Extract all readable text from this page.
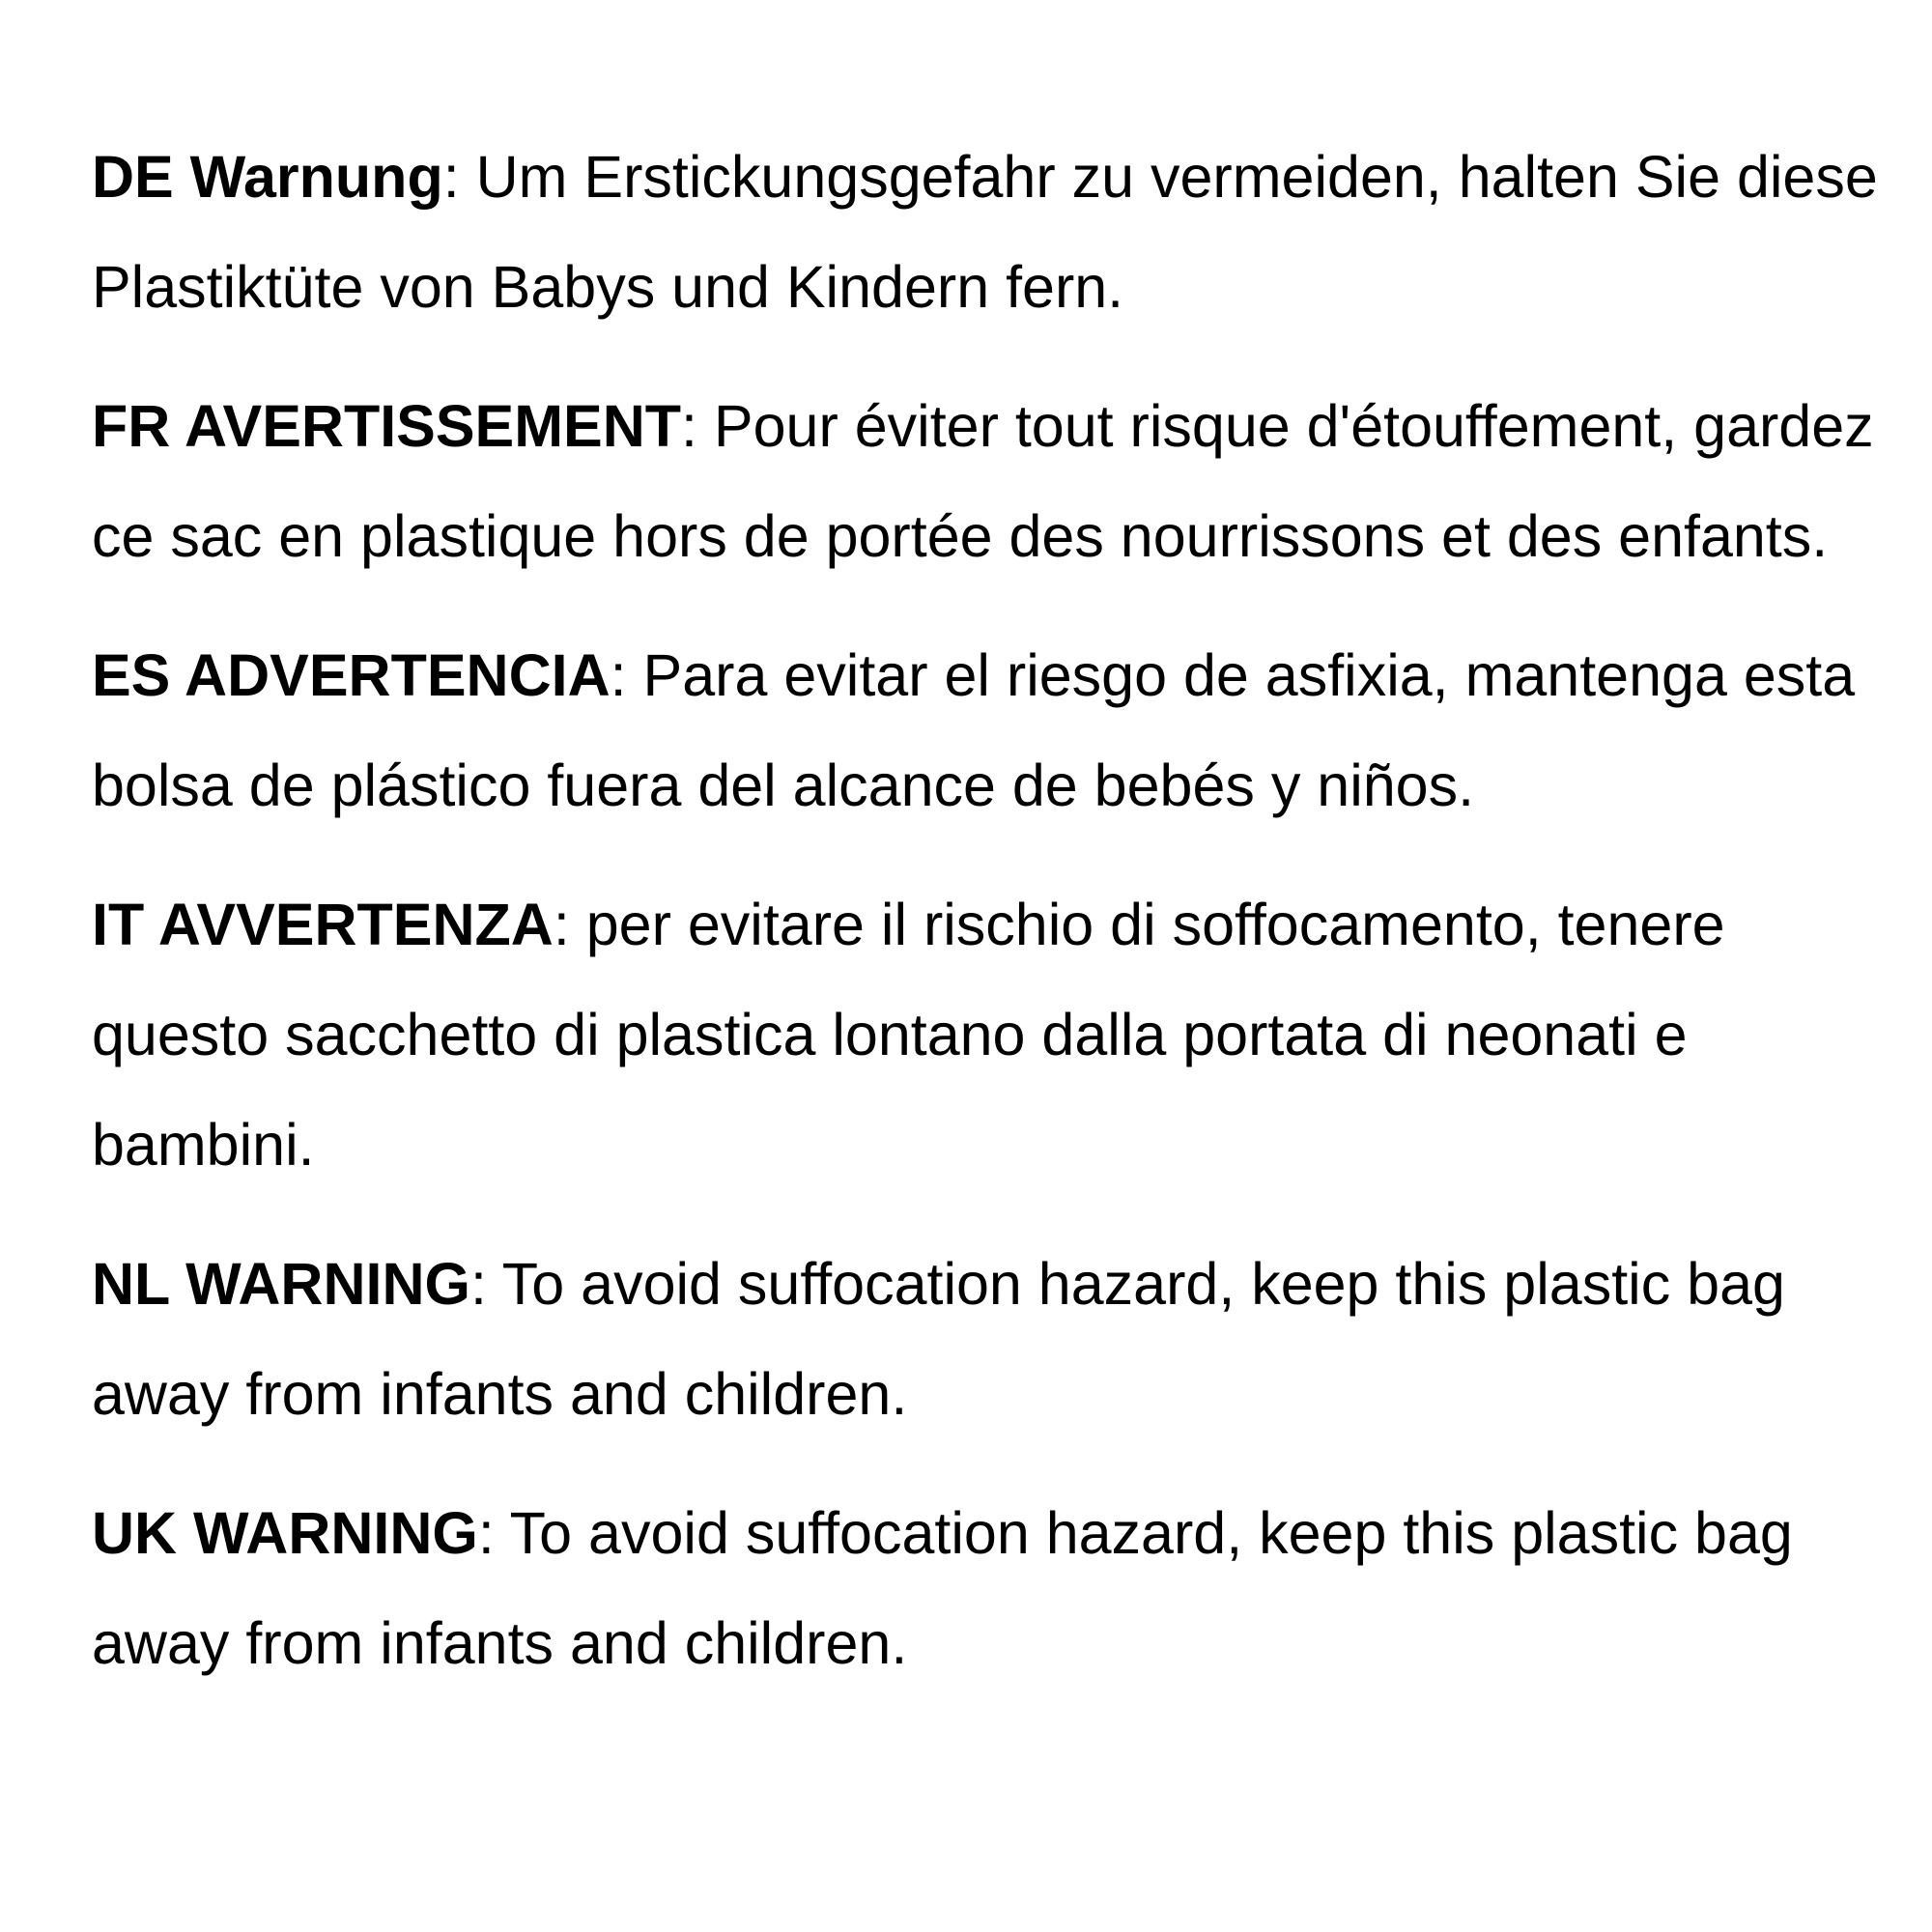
DE Warnung: Um Erstickungsgefahr zu vermeiden, halten Sie diese Plastiktüte von Babys und Kindern fern.

FR AVERTISSEMENT: Pour éviter tout risque d'étouffement, gardez ce sac en plastique hors de portée des nourrissons et des enfants.

ES ADVERTENCIA: Para evitar el riesgo de asfixia, mantenga esta bolsa de plástico fuera del alcance de bebés y niños.

IT AVVERTENZA: per evitare il rischio di soffocamento, tenere questo sacchetto di plastica lontano dalla portata di neonati e bambini.

NL WARNING: To avoid suffocation hazard, keep this plastic bag away from infants and children.

UK WARNING: To avoid suffocation hazard, keep this plastic bag away from infants and children.
